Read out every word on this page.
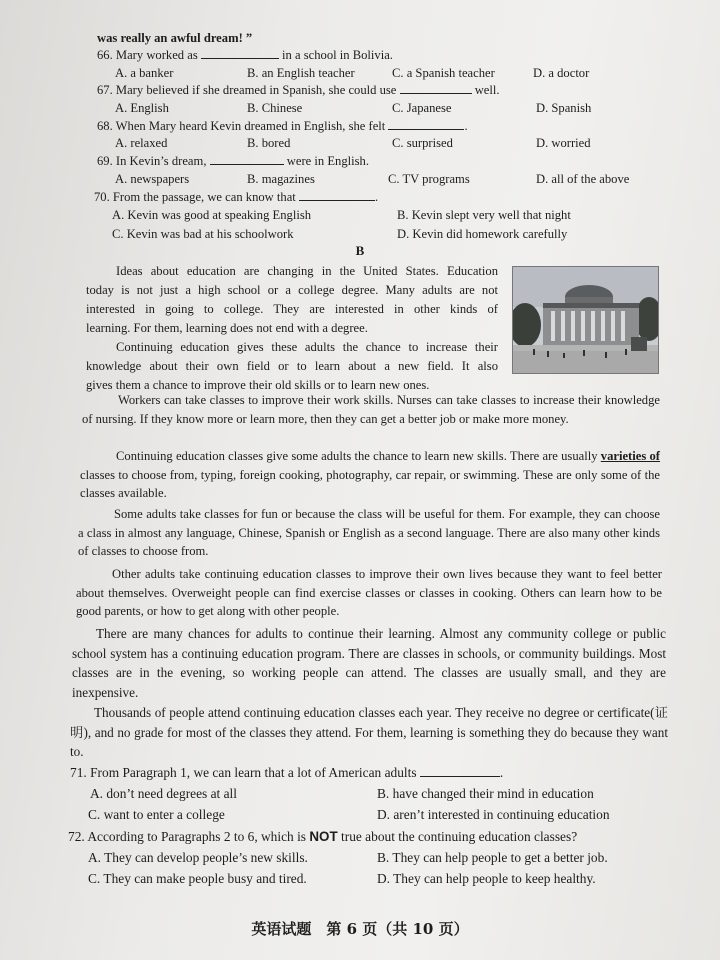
was really an awful dream! ”
66. Mary worked as	in a school in Bolivia.
A. a banker	B. an English teacher	C. a Spanish teacher	D. a doctor
67. Mary believed if she dreamed in Spanish, she could use	well.
A. English	B. Chinese	C. Japanese	D. Spanish
68. When Mary heard Kevin dreamed in English, she felt	.
A. relaxed	B. bored	C. surprised	D. worried
69. In Kevin’s dream,	were in English.
A. newspapers	B. magazines	C. TV programs	D. all of the above
70. From the passage, we can know that	.
A. Kevin was good at speaking English	B. Kevin slept very well that night
C. Kevin was bad at his schoolwork	D. Kevin did homework carefully
B
Ideas about education are changing in the United States. Education
today is not just a high school or a college degree. Many adults are not
interested in going to college. They are interested in other kinds of
learning. For them, learning does not end with a degree.
Continuing education gives these adults the chance to increase their
knowledge about their own field or to learn about a new field. It also
gives them a chance to improve their old skills or to learn new ones.
Workers can take classes to improve their work skills. Nurses can take classes to increase their knowledge of nursing. If they know more or learn more, then they can get a better job or make more money.
Continuing education classes give some adults the chance to learn new skills. There are usually varieties of classes to choose from, typing, foreign cooking, photography, car repair, or swimming. These are only some of the classes available.
Some adults take classes for fun or because the class will be useful for them. For example, they can choose a class in almost any language, Chinese, Spanish or English as a second language. There are also many other kinds of classes to choose from.
Other adults take continuing education classes to improve their own lives because they want to feel better about themselves. Overweight people can find exercise classes or classes in cooking. Others can learn how to be good parents, or how to get along with other people.
There are many chances for adults to continue their learning. Almost any community college or public school system has a continuing education program. There are classes in schools, or community buildings. Most classes are in the evening, so working people can attend. The classes are usually small, and they are inexpensive.
Thousands of people attend continuing education classes each year. They receive no degree or certificate(证明), and no grade for most of the classes they attend. For them, learning is something they do because they want to.
71. From Paragraph 1, we can learn that a lot of American adults	.
A. don’t need degrees at all	B. have changed their mind in education
C. want to enter a college	D. aren’t interested in continuing education
72. According to Paragraphs 2 to 6, which is NOT true about the continuing education classes?
A. They can develop people’s new skills.	B. They can help people to get a better job.
C. They can make people busy and tired.	D. They can help people to keep healthy.
英语试题　第 6 页（共 10 页）
